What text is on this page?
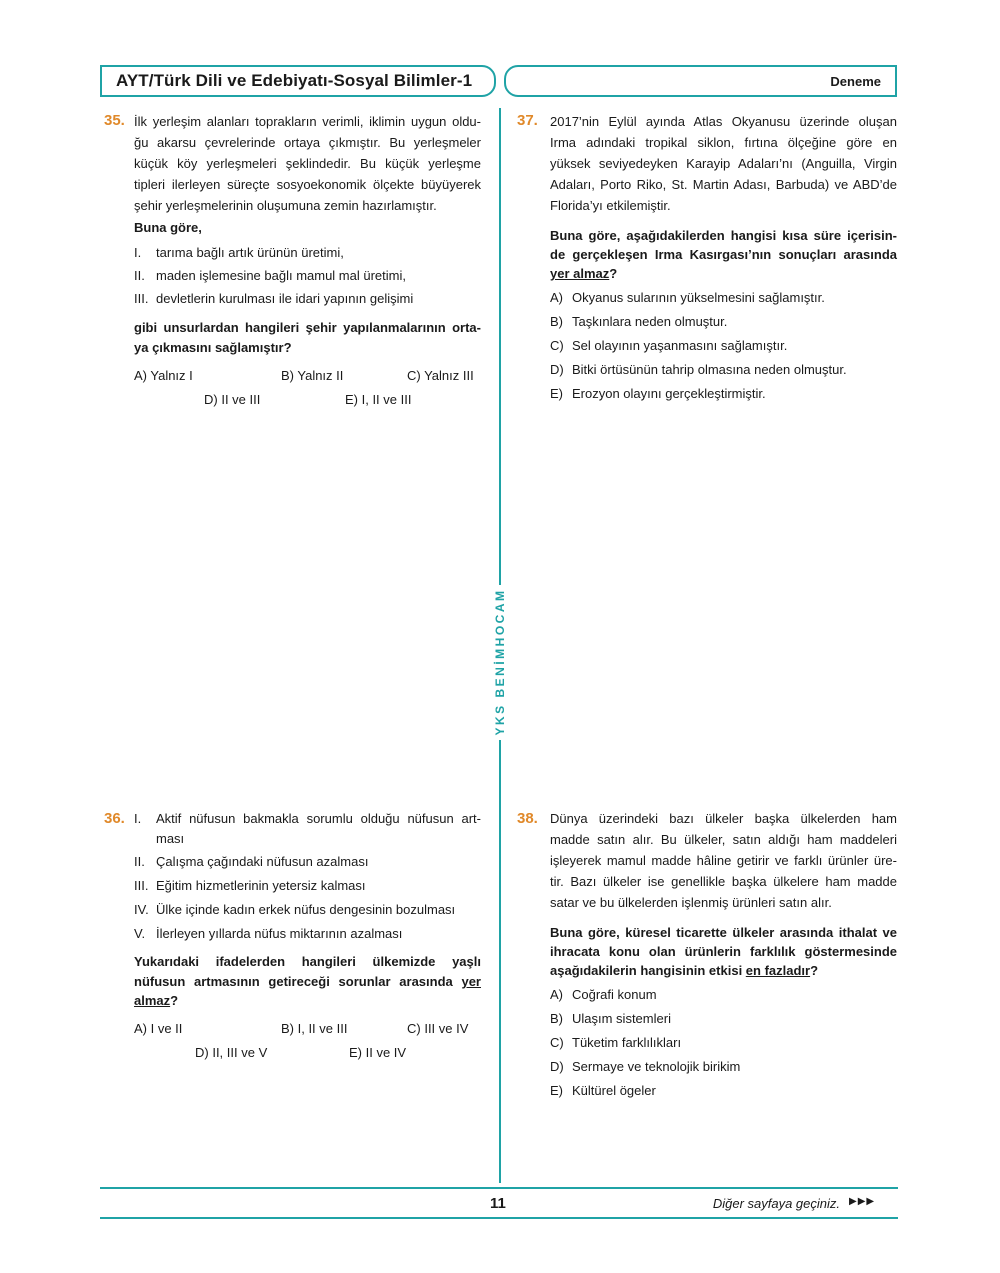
AYT/Türk Dili ve Edebiyatı-Sosyal Bilimler-1	Deneme
YKS BENİMHOCAM
35. İlk yerleşim alanları toprakların verimli, iklimin uygun oldu-
ğu akarsu çevrelerinde ortaya çıkmıştır. Bu yerleşmeler
küçük köy yerleşmeleri şeklindedir. Bu küçük yerleşme
tipleri ilerleyen süreçte sosyoekonomik ölçekte büyüyerek
şehir yerleşmelerinin oluşumuna zemin hazırlamıştır.
Buna göre,
I. tarıma bağlı artık ürünün üretimi,
II. maden işlemesine bağlı mamul mal üretimi,
III. devletlerin kurulması ile idari yapının gelişimi
gibi unsurlardan hangileri şehir yapılanmalarının orta-
ya çıkmasını sağlamıştır?
A) Yalnız I	B) Yalnız II	C) Yalnız III
D) II ve III	E) I, II ve III
37. 2017’nin Eylül ayında Atlas Okyanusu üzerinde oluşan
Irma adındaki tropikal siklon, fırtına ölçeğine göre en
yüksek seviyedeyken Karayip Adaları’nı (Anguilla, Virgin
Adaları, Porto Riko, St. Martin Adası, Barbuda) ve ABD’de
Florida’yı etkilemiştir.
Buna göre, aşağıdakilerden hangisi kısa süre içerisin-
de gerçekleşen Irma Kasırgası’nın sonuçları arasında
yer almaz?
A) Okyanus sularının yükselmesini sağlamıştır.
B) Taşkınlara neden olmuştur.
C) Sel olayının yaşanmasını sağlamıştır.
D) Bitki örtüsünün tahrip olmasına neden olmuştur.
E) Erozyon olayını gerçekleştirmiştir.
36. I. Aktif nüfusun bakmakla sorumlu olduğu nüfusun art-
ması
II. Çalışma çağındaki nüfusun azalması
III. Eğitim hizmetlerinin yetersiz kalması
IV. Ülke içinde kadın erkek nüfus dengesinin bozulması
V. İlerleyen yıllarda nüfus miktarının azalması
Yukarıdaki ifadelerden hangileri ülkemizde yaşlı
nüfusun artmasının getireceği sorunlar arasında yer
almaz?
A) I ve II	B) I, II ve III	C) III ve IV
D) II, III ve V	E) II ve IV
38. Dünya üzerindeki bazı ülkeler başka ülkelerden ham
madde satın alır. Bu ülkeler, satın aldığı ham maddeleri
işleyerek mamul madde hâline getirir ve farklı ürünler üre-
tir. Bazı ülkeler ise genellikle başka ülkelere ham madde
satar ve bu ülkelerden işlenmiş ürünleri satın alır.
Buna göre, küresel ticarette ülkeler arasında ithalat ve
ihracata konu olan ürünlerin farklılık göstermesinde
aşağıdakilerin hangisinin etkisi en fazladır?
A) Coğrafi konum
B) Ulaşım sistemleri
C) Tüketim farklılıkları
D) Sermaye ve teknolojik birikim
E) Kültürel ögeler
11	Diğer sayfaya geçiniz. ▶▶▶
